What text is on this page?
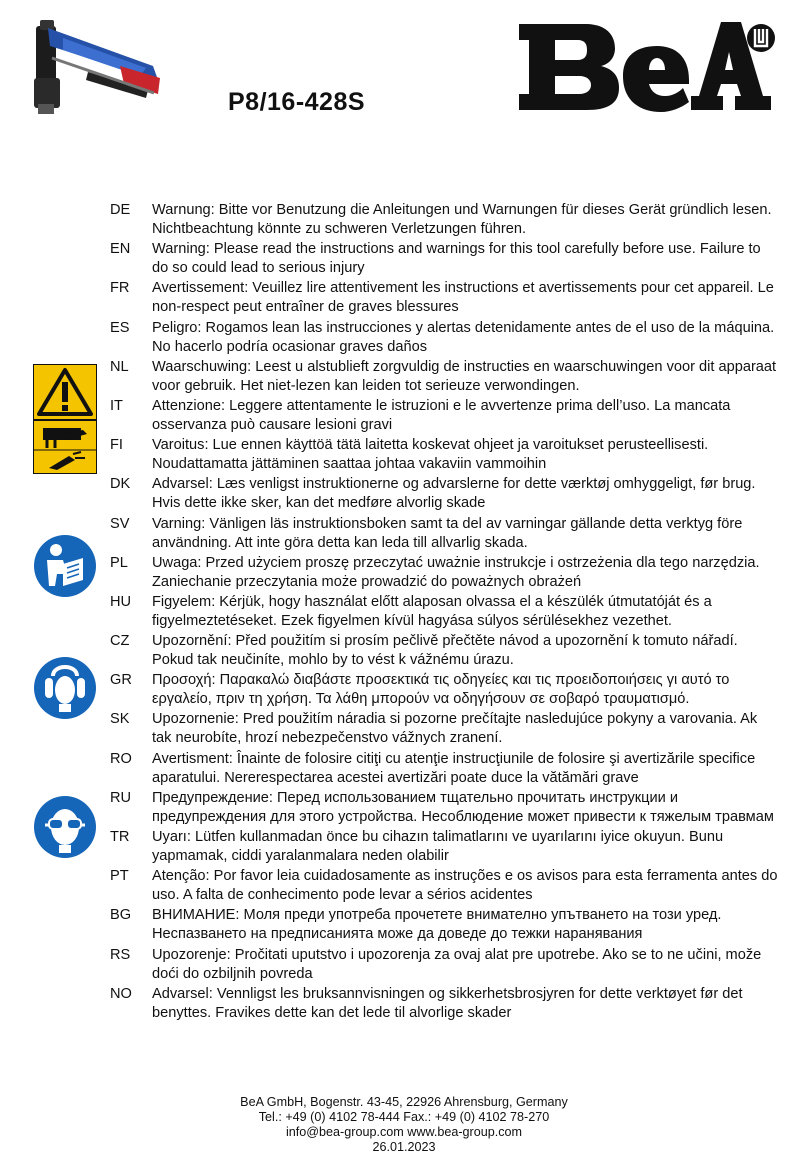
P8/16-428S
DE	Warnung: Bitte vor Benutzung die Anleitungen und Warnungen für dieses Gerät gründlich lesen. Nichtbeachtung könnte zu schweren Verletzungen führen.
EN	Warning: Please read the instructions and warnings for this tool carefully before use. Failure to do so could lead to serious injury
FR	Avertissement: Veuillez lire attentivement les instructions et avertissements pour cet appareil. Le non-respect peut entraîner de graves blessures
ES	Peligro: Rogamos lean las instrucciones y alertas detenidamente antes de el uso de la máquina. No hacerlo podría ocasionar graves daños
NL	Waarschuwing: Leest u alstublieft zorgvuldig de instructies en waarschuwingen voor dit apparaat voor gebruik. Het niet-lezen kan leiden tot serieuze verwondingen.
IT	Attenzione: Leggere attentamente le istruzioni e le avvertenze prima dell’uso. La mancata osservanza può causare lesioni gravi
FI	Varoitus: Lue ennen käyttöä tätä laitetta koskevat ohjeet ja varoitukset perusteellisesti. Noudattamatta jättäminen saattaa johtaa vakaviin vammoihin
DK	Advarsel: Læs venligst instruktionerne og advarslerne for dette værktøj omhyggeligt, før brug. Hvis dette ikke sker, kan det medføre alvorlig skade
SV	Varning: Vänligen läs instruktionsboken samt ta del av varningar gällande detta verktyg före användning. Att inte göra detta kan leda till allvarlig skada.
PL	Uwaga: Przed użyciem proszę przeczytać uważnie instrukcje i ostrzeżenia dla tego narzędzia. Zaniechanie przeczytania może prowadzić do poważnych obrażeń
HU	Figyelem: Kérjük, hogy használat előtt alaposan olvassa el a készülék útmutatóját és a figyelmeztetéseket. Ezek figyelmen kívül hagyása súlyos sérülésekhez vezethet.
CZ	Upozornění: Před použitím si prosím pečlivě přečtěte návod a upozornění k tomuto nářadí. Pokud tak neučiníte, mohlo by to vést k vážnému úrazu.
GR	Προσοχή: Παρακαλώ διαβάστε προσεκτικά τις οδηγείες και τις προειδοποιήσεις γι αυτό το εργαλείο, πριν τη χρήση. Τα λάθη μπορούν να οδηγήσουν σε σοβαρό τραυματισμό.
SK	Upozornenie: Pred použitím náradia si pozorne prečítajte nasledujúce pokyny a varovania. Ak tak neurobíte, hrozí nebezpečenstvo vážnych zranení.
RO	Avertisment: Înainte de folosire citiţi cu atenţie instrucţiunile de folosire şi avertizările specifice aparatului. Nererespectarea acestei avertizări poate duce la vătămări grave
RU	Предупреждение: Перед использованием тщательно прочитать инструкции и предупреждения для этого устройства. Несоблюдение может привести к тяжелым травмам
TR	Uyarı: Lütfen kullanmadan önce bu cihazın talimatlarını ve uyarılarını iyice okuyun. Bunu yapmamak, ciddi yaralanmalara neden olabilir
PT	Atenção: Por favor leia cuidadosamente as instruções e os avisos para esta ferramenta antes do uso. A falta de conhecimento pode levar a sérios acidentes
BG	ВНИМАНИЕ: Моля преди употреба прочетете внимателно упътването на този уред. Неспазването на предписанията може да доведе до тежки наранявания
RS	Upozorenje: Pročitati uputstvo i upozorenja za ovaj alat pre upotrebe. Ako se to ne učini, može doći do ozbiljnih povreda
NO	Advarsel: Vennligst les bruksannvisningen og sikkerhetsbrosjyren for dette verktøyet før det benyttes. Fravikes dette kan det lede til alvorlige skader
BeA GmbH, Bogenstr. 43-45, 22926 Ahrensburg, Germany
Tel.: +49 (0) 4102 78-444 Fax.: +49 (0) 4102 78-270
info@bea-group.com www.bea-group.com
26.01.2023
